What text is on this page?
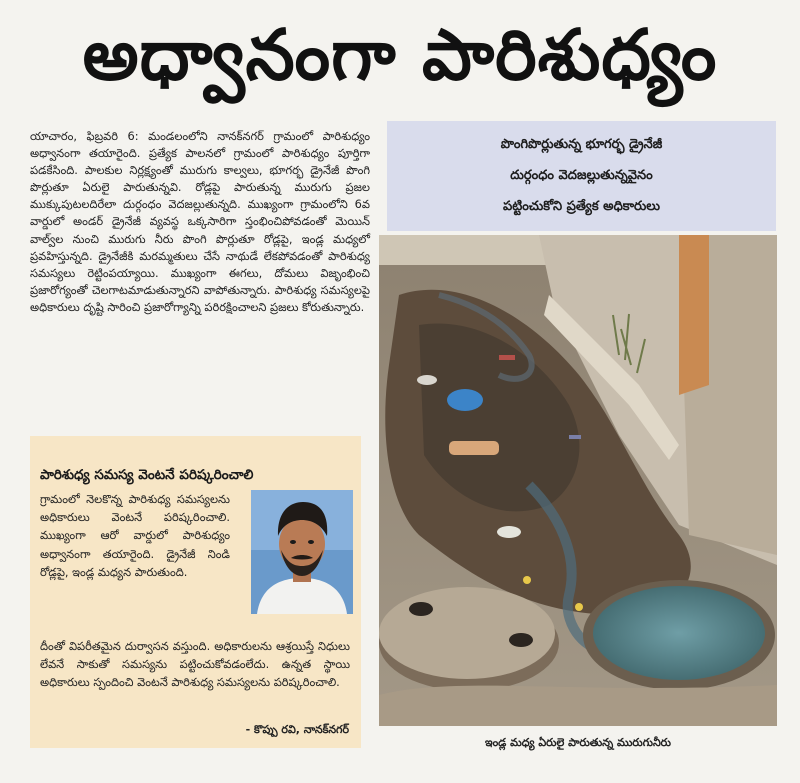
అధ్వానంగా పారిశుధ్యం
యాచారం, ఫిబ్రవరి 6: మండలంలోని నానక్‌నగర్ గ్రామంలో పారిశుధ్యం అధ్వానంగా తయారైంది. ప్రత్యేక పాలనలో గ్రామంలో పారిశుధ్యం పూర్తిగా పడకేసింది. పాలకుల నిర్లక్ష్యంతో మురుగు కాల్వలు, భూగర్భ డ్రైనేజీ పొంగి పొర్లుతూ ఏరులై పారుతున్నవి. రోడ్లపై పారుతున్న మురుగు ప్రజల ముక్కుపుటలదిరేలా దుర్గంధం వెదజల్లుతున్నది. ముఖ్యంగా గ్రామంలోని 6వ వార్డులో అండర్ డ్రైనేజీ వ్యవస్థ ఒక్కసారిగా స్తంభించిపోవడంతో మెయిన్ వాల్వ్‌ల నుంచి మురుగు నీరు పొంగి పొర్లుతూ రోడ్లపై, ఇండ్ల మధ్యలో ప్రవహిస్తున్నది. డ్రైనేజీకి మరమ్మతులు చేసే నాథుడే లేకపోవడంతో పారిశుధ్య సమస్యలు రెట్టింపయ్యాయి. ముఖ్యంగా ఈగలు, దోమలు విజృంభించి ప్రజారోగ్యంతో చెలగాటమాడుతున్నారని వాపోతున్నారు. పారిశుధ్య సమస్యలపై అధికారులు దృష్టి సారించి ప్రజారోగ్యాన్ని పరిరక్షించాలని ప్రజలు కోరుతున్నారు.
పొంగిపొర్లుతున్న భూగర్భ డ్రైనేజీ
దుర్గంధం వెదజల్లుతున్నవైనం
పట్టించుకోని ప్రత్యేక అధికారులు
ఇండ్ల మధ్య ఏరులై పారుతున్న మురుగునీరు
పారిశుధ్య సమస్య వెంటనే పరిష్కరించాలి
గ్రామంలో నెలకొన్న పారిశుధ్య సమస్యలను అధికారులు వెంటనే పరిష్కరించాలి. ముఖ్యంగా ఆరో వార్డులో పారిశుధ్యం అధ్వానంగా తయారైంది. డ్రైనేజీ నిండి రోడ్లపై, ఇండ్ల మధ్యన పారుతుంది.
దీంతో విపరీతమైన దుర్వాసన వస్తుంది. అధికారులను ఆశ్రయిస్తే నిధులు లేవనే సాకుతో సమస్యను పట్టించుకోవడంలేదు. ఉన్నత స్థాయి అధికారులు స్పందించి వెంటనే పారిశుధ్య సమస్యలను పరిష్కరించాలి.
- కొప్పు రవి, నానక్‌నగర్
